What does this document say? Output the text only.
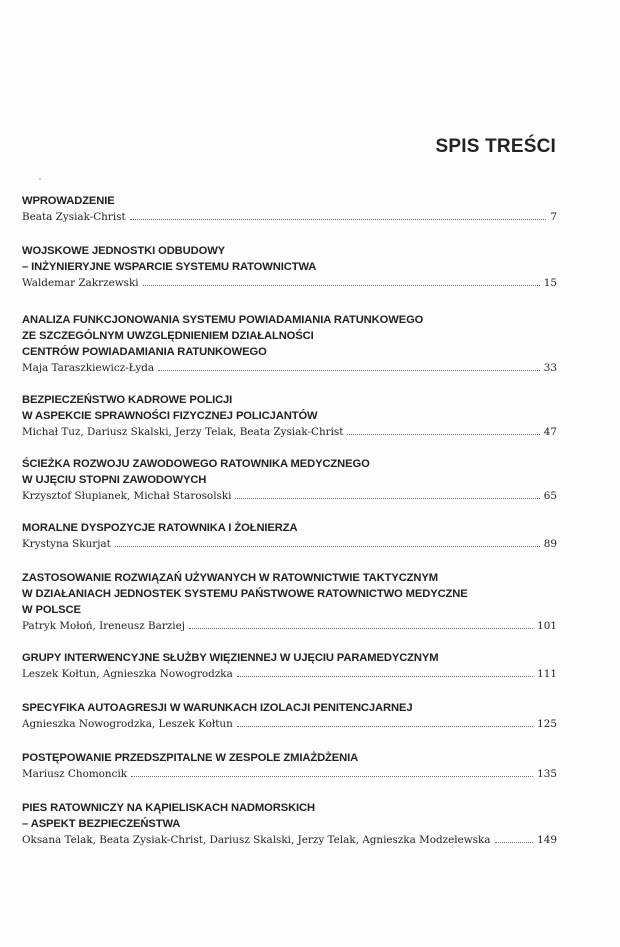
SPIS TREŚCI
ˇ
WPROWADZENIE
Beata Zysiak-Christ	7
WOJSKOWE JEDNOSTKI ODBUDOWY
– INŻYNIERYJNE WSPARCIE SYSTEMU RATOWNICTWA
Waldemar Zakrzewski	15
ANALIZA FUNKCJONOWANIA SYSTEMU POWIADAMIANIA RATUNKOWEGO
ZE SZCZEGÓLNYM UWZGLĘDNIENIEM DZIAŁALNOŚCI
CENTRÓW POWIADAMIANIA RATUNKOWEGO
Maja Taraszkiewicz-Łyda	33
BEZPIECZEŃSTWO KADROWE POLICJI
W ASPEKCIE SPRAWNOŚCI FIZYCZNEJ POLICJANTÓW
Michał Tuz, Dariusz Skalski, Jerzy Telak, Beata Zysiak-Christ	47
ŚCIEŻKA ROZWOJU ZAWODOWEGO RATOWNIKA MEDYCZNEGO
W UJĘCIU STOPNI ZAWODOWYCH
Krzysztof Słupianek, Michał Starosolski	65
MORALNE DYSPOZYCJE RATOWNIKA I ŻOŁNIERZA
Krystyna Skurjat	89
ZASTOSOWANIE ROZWIĄZAŃ UŻYWANYCH W RATOWNICTWIE TAKTYCZNYM
W DZIAŁANIACH JEDNOSTEK SYSTEMU PAŃSTWOWE RATOWNICTWO MEDYCZNE
W POLSCE
Patryk Mołoń, Ireneusz Barziej	101
GRUPY INTERWENCYJNE SŁUŻBY WIĘZIENNEJ W UJĘCIU PARAMEDYCZNYM
Leszek Kołtun, Agnieszka Nowogrodzka	111
SPECYFIKA AUTOAGRESJI W WARUNKACH IZOLACJI PENITENCJARNEJ
Agnieszka Nowogrodzka, Leszek Kołtun	125
POSTĘPOWANIE PRZEDSZPITALNE W ZESPOLE ZMIAŻDŻENIA
Mariusz Chomoncik	135
PIES RATOWNICZY NA KĄPIELISKACH NADMORSKICH
– ASPEKT BEZPIECZEŃSTWA
Oksana Telak, Beata Zysiak-Christ, Dariusz Skalski, Jerzy Telak, Agnieszka Modzelewska	149
